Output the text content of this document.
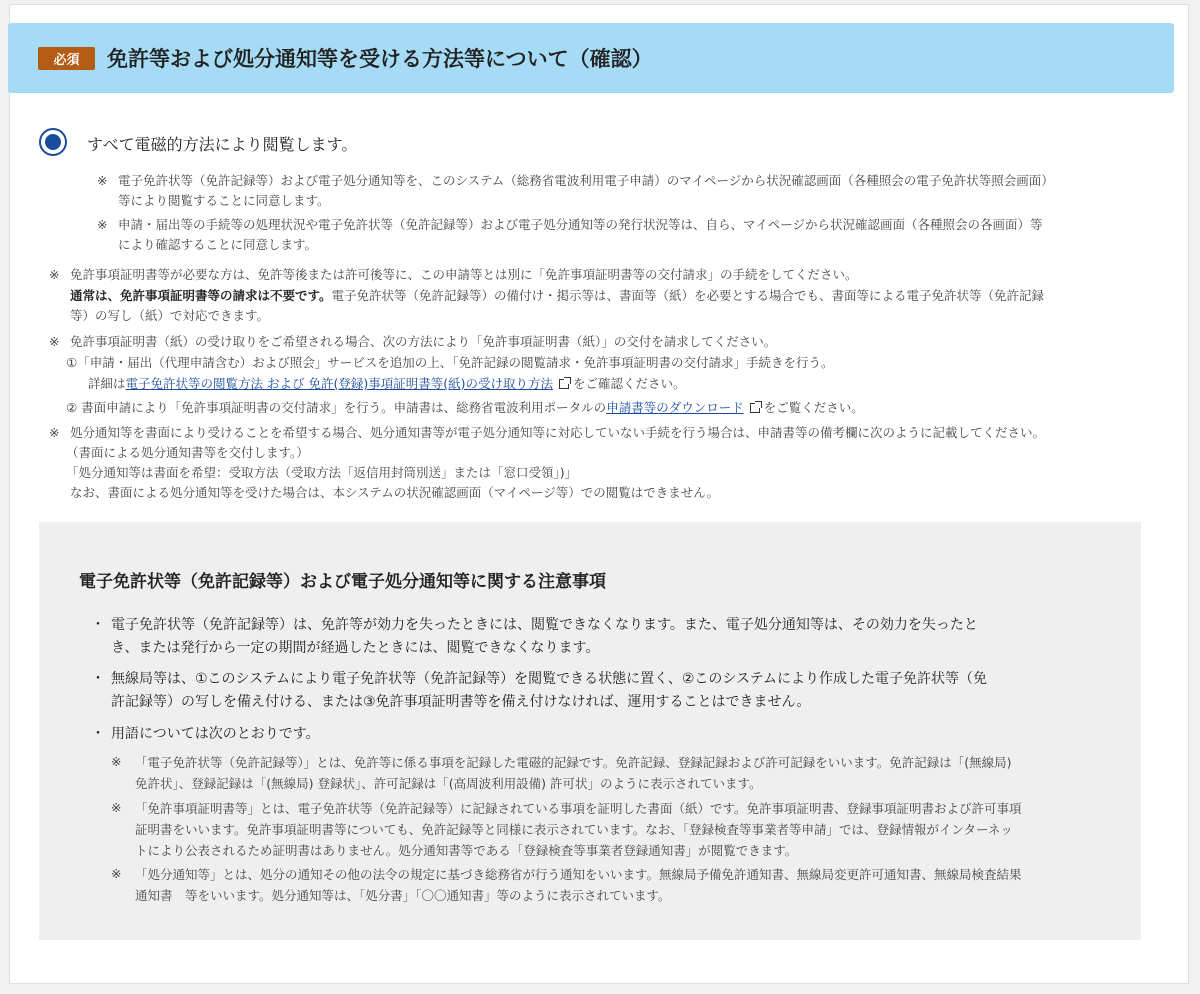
必須	免許等および処分通知等を受ける方法等について（確認）
すべて電磁的方法により閲覧します。
※ 電子免許状等（免許記録等）および電子処分通知等を、このシステム（総務省電波利用電子申請）のマイページから状況確認画面（各種照会の電子免許状等照会画面）
等により閲覧することに同意します。
※ 申請・届出等の手続等の処理状況や電子免許状等（免許記録等）および電子処分通知等の発行状況等は、自ら、マイページから状況確認画面（各種照会の各画面）等
により確認することに同意します。
※ 免許事項証明書等が必要な方は、免許等後または許可後等に、この申請等とは別に「免許事項証明書等の交付請求」の手続をしてください。
通常は、免許事項証明書等の請求は不要です。電子免許状等（免許記録等）の備付け・掲示等は、書面等（紙）を必要とする場合でも、書面等による電子免許状等（免許記録
等）の写し（紙）で対応できます。
※ 免許事項証明書（紙）の受け取りをご希望される場合、次の方法により「免許事項証明書（紙）」の交付を請求してください。
①「申請・届出（代理申請含む）および照会」サービスを追加の上、「免許記録の閲覧請求・免許事項証明書の交付請求」手続きを行う。
詳細は電子免許状等の閲覧方法 および 免許(登録)事項証明書等(紙)の受け取り方法 をご確認ください。
② 書面申請により「免許事項証明書の交付請求」を行う。申請書は、総務省電波利用ポータルの申請書等のダウンロード をご覧ください。
※ 処分通知等を書面により受けることを希望する場合、処分通知書等が電子処分通知等に対応していない手続を行う場合は、申請書等の備考欄に次のように記載してください。
（書面による処分通知書等を交付します。）
「処分通知等は書面を希望：受取方法（受取方法「返信用封筒別送」または「窓口受領」)」
なお、書面による処分通知等を受けた場合は、本システムの状況確認画面（マイページ等）での閲覧はできません。
電子免許状等（免許記録等）および電子処分通知等に関する注意事項
・ 電子免許状等（免許記録等）は、免許等が効力を失ったときには、閲覧できなくなります。また、電子処分通知等は、その効力を失ったと
き、または発行から一定の期間が経過したときには、閲覧できなくなります。
・ 無線局等は、①このシステムにより電子免許状等（免許記録等）を閲覧できる状態に置く、②このシステムにより作成した電子免許状等（免
許記録等）の写しを備え付ける、または③免許事項証明書等を備え付けなければ、運用することはできません。
・ 用語については次のとおりです。
※ 「電子免許状等（免許記録等）」とは、免許等に係る事項を記録した電磁的記録です。免許記録、登録記録および許可記録をいいます。免許記録は「(無線局)
免許状」、登録記録は「(無線局) 登録状」、許可記録は「(高周波利用設備) 許可状」のように表示されています。
※ 「免許事項証明書等」とは、電子免許状等（免許記録等）に記録されている事項を証明した書面（紙）です。免許事項証明書、登録事項証明書および許可事項
証明書をいいます。免許事項証明書等についても、免許記録等と同様に表示されています。なお、「登録検査等事業者等申請」では、登録情報がインターネッ
トにより公表されるため証明書はありません。処分通知書等である「登録検査等事業者登録通知書」が閲覧できます。
※ 「処分通知等」とは、処分の通知その他の法令の規定に基づき総務省が行う通知をいいます。無線局予備免許通知書、無線局変更許可通知書、無線局検査結果
通知書　等をいいます。処分通知等は、「処分書」「〇〇通知書」等のように表示されています。
